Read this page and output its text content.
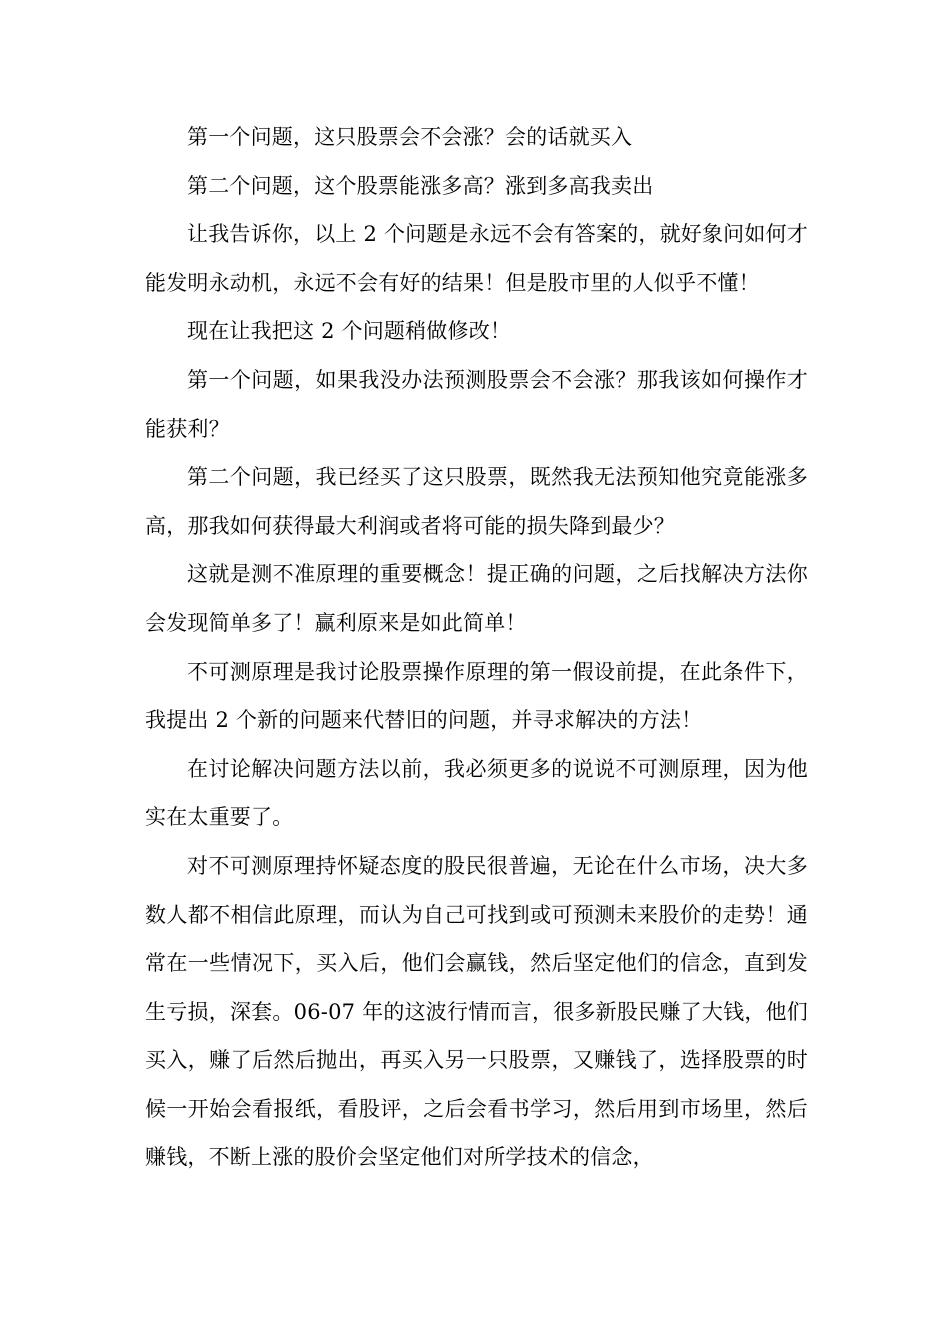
第一个问题，这只股票会不会涨？会的话就买入

第二个问题，这个股票能涨多高？涨到多高我卖出

让我告诉你，以上 2 个问题是永远不会有答案的，就好象问如何才能发明永动机，永远不会有好的结果！但是股市里的人似乎不懂！

现在让我把这 2 个问题稍做修改！

第一个问题，如果我没办法预测股票会不会涨？那我该如何操作才能获利？

第二个问题，我已经买了这只股票，既然我无法预知他究竟能涨多高，那我如何获得最大利润或者将可能的损失降到最少？

这就是测不准原理的重要概念！提正确的问题，之后找解决方法你会发现简单多了！赢利原来是如此简单！

不可测原理是我讨论股票操作原理的第一假设前提，在此条件下，我提出 2 个新的问题来代替旧的问题，并寻求解决的方法！

在讨论解决问题方法以前，我必须更多的说说不可测原理，因为他实在太重要了。

对不可测原理持怀疑态度的股民很普遍，无论在什么市场，决大多数人都不相信此原理，而认为自己可找到或可预测未来股价的走势！通常在一些情况下，买入后，他们会赢钱，然后坚定他们的信念，直到发生亏损，深套。06-07 年的这波行情而言，很多新股民赚了大钱，他们买入，赚了后然后抛出，再买入另一只股票，又赚钱了，选择股票的时候一开始会看报纸，看股评，之后会看书学习，然后用到市场里，然后赚钱，不断上涨的股价会坚定他们对所学技术的信念，
